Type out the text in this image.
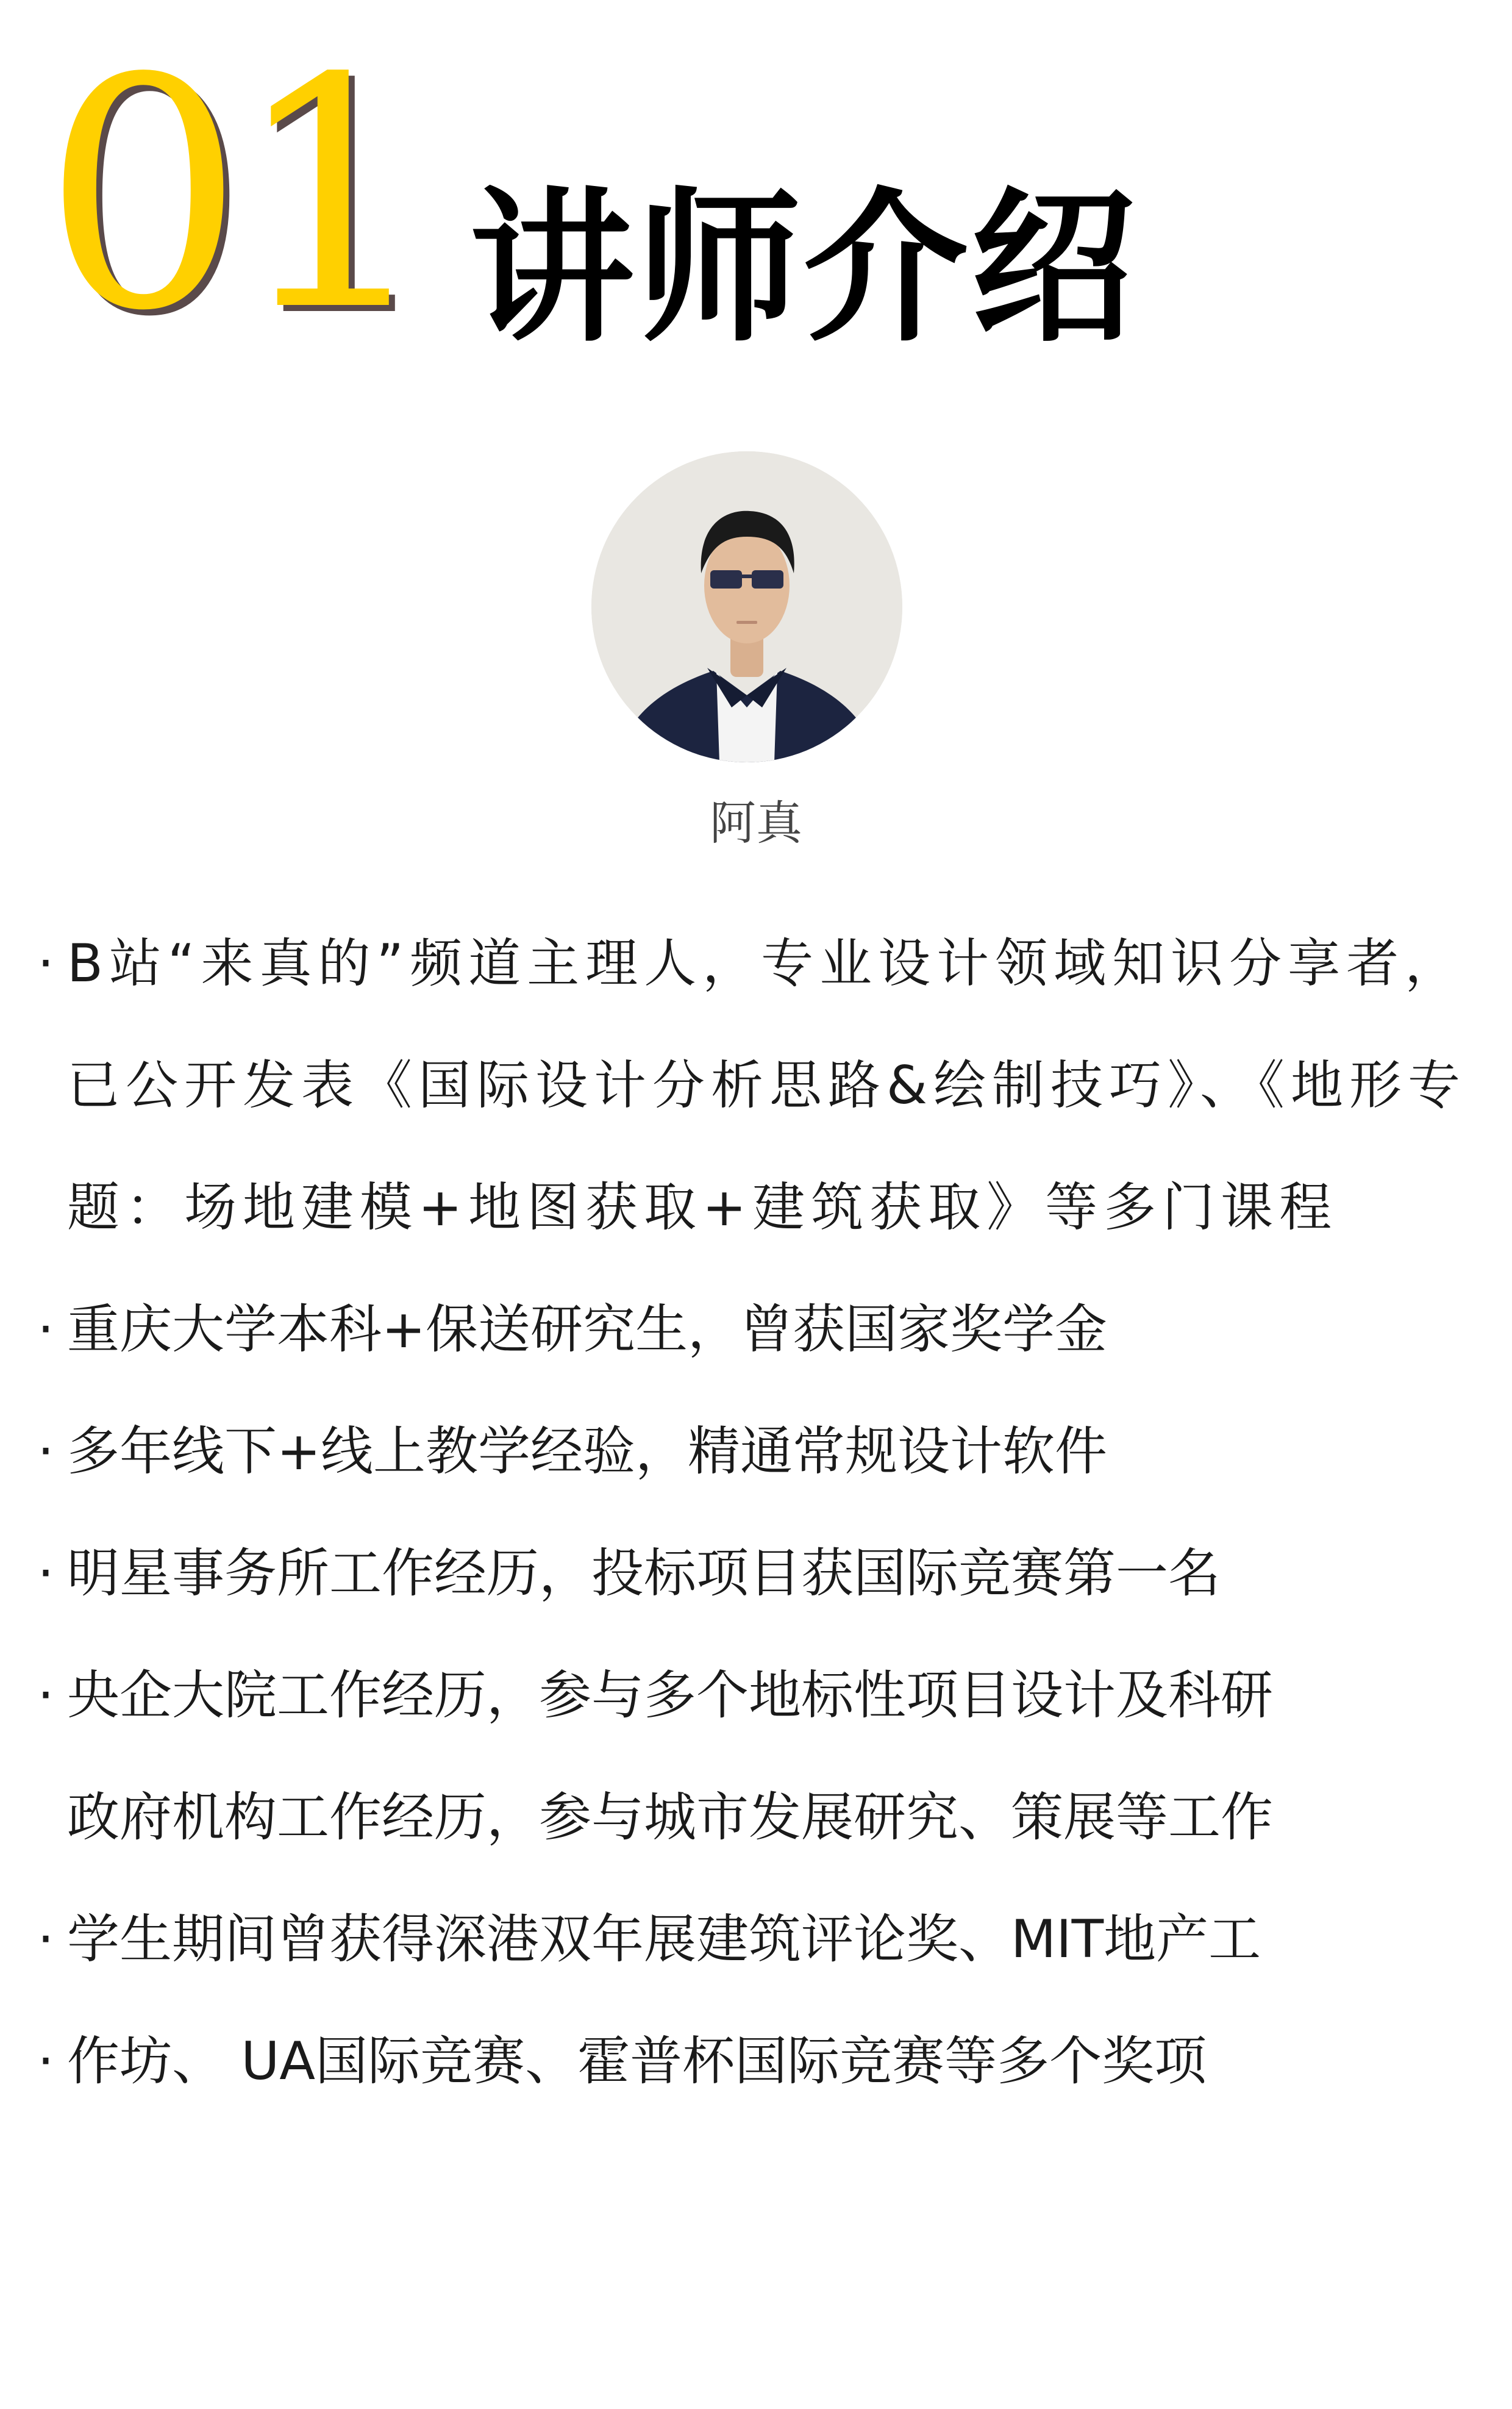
01 讲师介绍
阿真
· B站“来真的”频道主理人，专业设计领域知识分享者，已公开发表《国际设计分析思路&绘制技巧》、《地形专题：场地建模+地图获取+建筑获取》等多门课程
· 重庆大学本科+保送研究生，曾获国家奖学金
· 多年线下+线上教学经验，精通常规设计软件
· 明星事务所工作经历，投标项目获国际竞赛第一名
· 央企大院工作经历，参与多个地标性项目设计及科研
政府机构工作经历，参与城市发展研究、策展等工作
· 学生期间曾获得深港双年展建筑评论奖、MIT地产工
· 作坊、 UA国际竞赛、霍普杯国际竞赛等多个奖项
